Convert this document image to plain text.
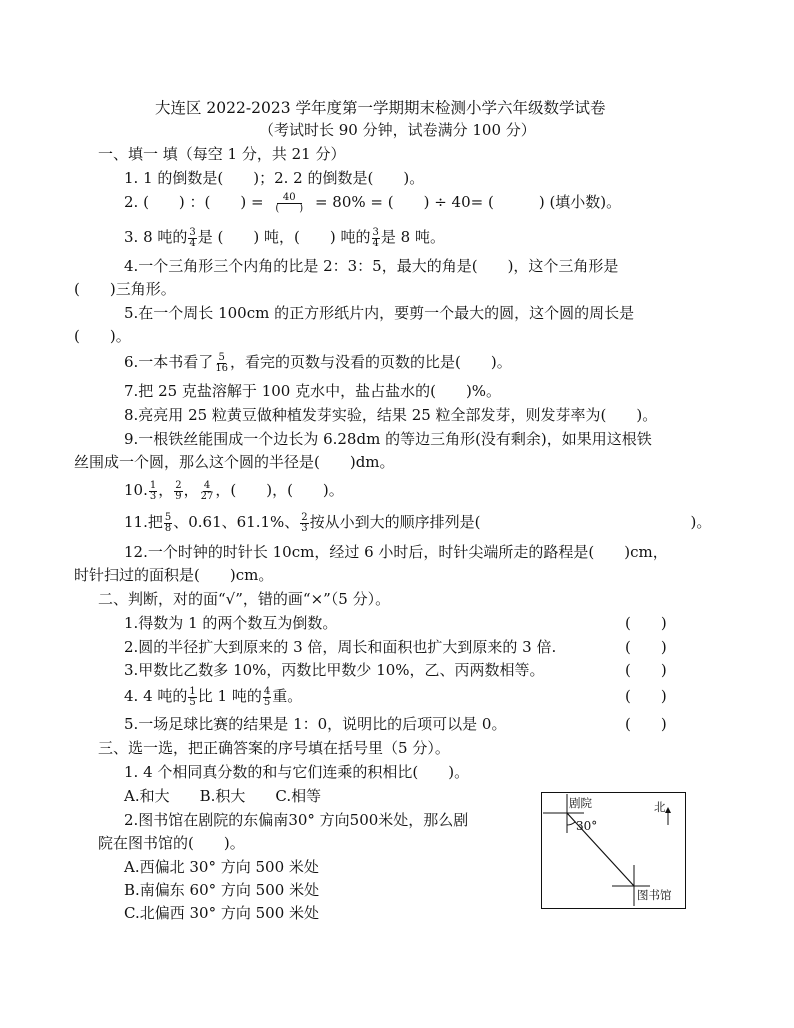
大连区 2022-2023 学年度第一学期期末检测小学六年级数学试卷
（考试时长 90 分钟，试卷满分 100 分）
一、填一 填（每空 1 分，共 21 分）
1. 1 的倒数是(　　)；2. 2 的倒数是(　　)。
2. (　　) ：(　　) = $\frac{40}{( )} = 80\%$ = (　　) ÷ 40= (　　　) (填小数)。
3. 8 吨的 $\frac{3}{4}$ 是 (　　) 吨，(　　) 吨的 $\frac{3}{4}$ 是 8 吨。
4.一个三角形三个内角的比是 2：3：5，最大的角是(　　)，这个三角形是
(　　)三角形。
5.在一个周长 100cm 的正方形纸片内，要剪一个最大的圆，这个圆的周长是
(　　)。
6.一本书看了 $\frac{5}{16}$ ，看完的页数与没看的页数的比是(　　)。
7.把 25 克盐溶解于 100 克水中，盐占盐水的(　　)%。
8.亮亮用 25 粒黄豆做种植发芽实验，结果 25 粒全部发芽，则发芽率为(　　)。
9.一根铁丝能围成一个边长为 6.28dm 的等边三角形(没有剩余)，如果用这根铁
丝围成一个圆，那么这个圆的半径是(　　)dm。
10. $\frac{1}{3}$ ， $\frac{2}{9}$ ， $\frac{4}{27}$ ，(　　)，(　　)。
11.把 $\frac{5}{8}$ 、0.61、61.1%、 $\frac{2}{3}$ 按从小到大的顺序排列是(　　　　　　　　　　　　　　)。
12.一个时钟的时针长 10cm，经过 6 小时后，时针尖端所走的路程是(　　)cm，
时针扫过的面积是(　　)cm。
二、判断，对的面“√”，错的画“×”（5 分）。
1.得数为 1 的两个数互为倒数。	(　　)
2.圆的半径扩大到原来的 3 倍，周长和面积也扩大到原来的 3 倍.	(　　)
3.甲数比乙数多 10%，丙数比甲数少 10%，乙、丙两数相等。	(　　)
4. 4 吨的 $\frac{1}{5}$ 比 1 吨的 $\frac{4}{5}$ 重。	(　　)
5.一场足球比赛的结果是 1：0，说明比的后项可以是 0。	(　　)
三、选一选，把正确答案的序号填在括号里（5 分）。
1. 4 个相同真分数的和与它们连乘的积相比(　　)。
A.和大　　B.积大　　C.相等
2.图书馆在剧院的东偏南30° 方向500米处，那么剧
院在图书馆的(　　)。
A.西偏北 30° 方向 500 米处
B.南偏东 60° 方向 500 米处
C.北偏西 30° 方向 500 米处
剧院
30°
北
图书馆
